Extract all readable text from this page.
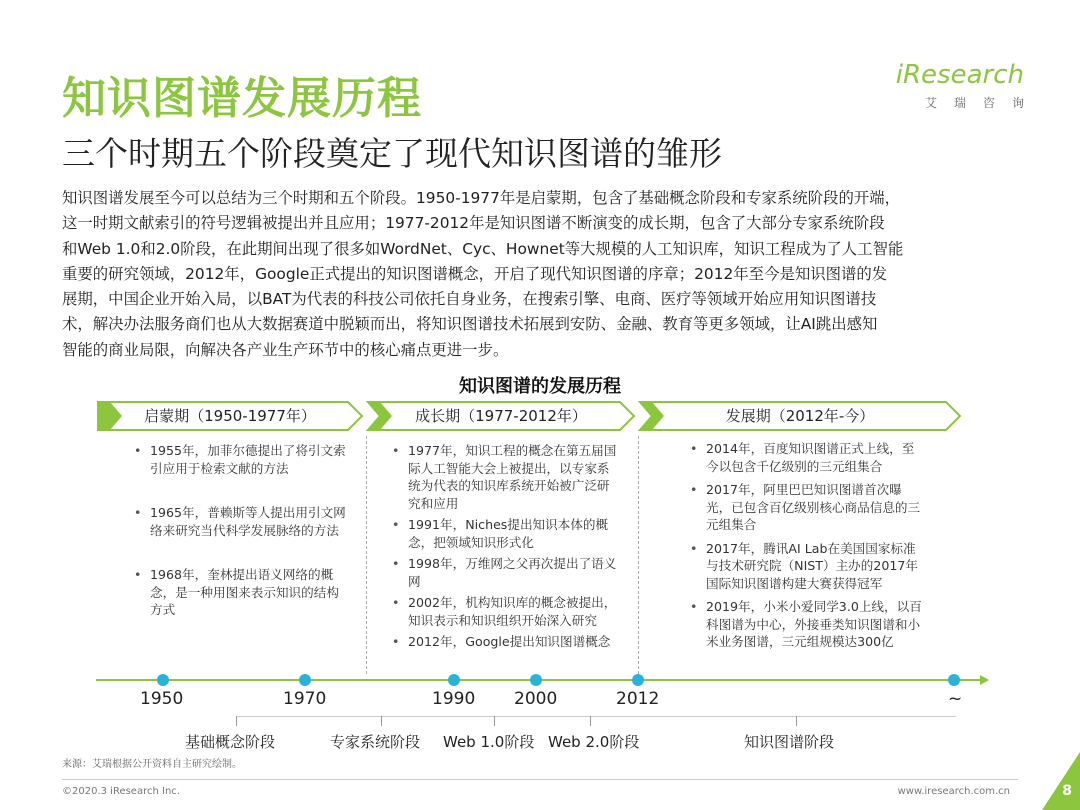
知识图谱发展历程
三个时期五个阶段奠定了现代知识图谱的雏形
iResearch
艾瑞咨询

知识图谱发展至今可以总结为三个时期和五个阶段。1950-1977年是启蒙期，包含了基础概念阶段和专家系统阶段的开端，

这一时期文献索引的符号逻辑被提出并且应用；1977-2012年是知识图谱不断演变的成长期，包含了大部分专家系统阶段

和Web 1.0和2.0阶段，在此期间出现了很多如WordNet、Cyc、Hownet等大规模的人工知识库，知识工程成为了人工智能

重要的研究领域，2012年，Google正式提出的知识图谱概念，开启了现代知识图谱的序章；2012年至今是知识图谱的发

展期，中国企业开始入局，以BAT为代表的科技公司依托自身业务，在搜索引擎、电商、医疗等领域开始应用知识图谱技

术，解决办法服务商们也从大数据赛道中脱颖而出，将知识图谱技术拓展到安防、金融、教育等更多领域，让AI跳出感知

智能的商业局限，向解决各产业生产环节中的核心痛点更进一步。

知识图谱的发展历程
启蒙期（1950-1977年）	成长期（1977-2012年）	发展期（2012年-今）
• 1955年，加菲尔德提出了将引文索引应用于检索文献的方法
• 1965年，普赖斯等人提出用引文网络来研究当代科学发展脉络的方法
• 1968年，奎林提出语义网络的概念，是一种用图来表示知识的结构方式
• 1977年，知识工程的概念在第五届国际人工智能大会上被提出，以专家系统为代表的知识库系统开始被广泛研究和应用
• 1991年，Niches提出知识本体的概念，把领域知识形式化
• 1998年，万维网之父再次提出了语义网
• 2002年，机构知识库的概念被提出，知识表示和知识组织开始深入研究
• 2012年，Google提出知识图谱概念
• 2014年，百度知识图谱正式上线，至今以包含千亿级别的三元组集合
• 2017年，阿里巴巴知识图谱首次曝光，已包含百亿级别核心商品信息的三元组集合
• 2017年，腾讯AI Lab在美国国家标准与技术研究院（NIST）主办的2017年国际知识图谱构建大赛获得冠军
• 2019年，小米小爱同学3.0上线，以百科图谱为中心，外接垂类知识图谱和小米业务图谱，三元组规模达300亿
1950	1970	1990 2000	2012	~
基础概念阶段	专家系统阶段 Web 1.0阶段 Web 2.0阶段	知识图谱阶段
来源：艾瑞根据公开资料自主研究绘制。
©2020.3 iResearch Inc.	www.iresearch.com.cn	8
